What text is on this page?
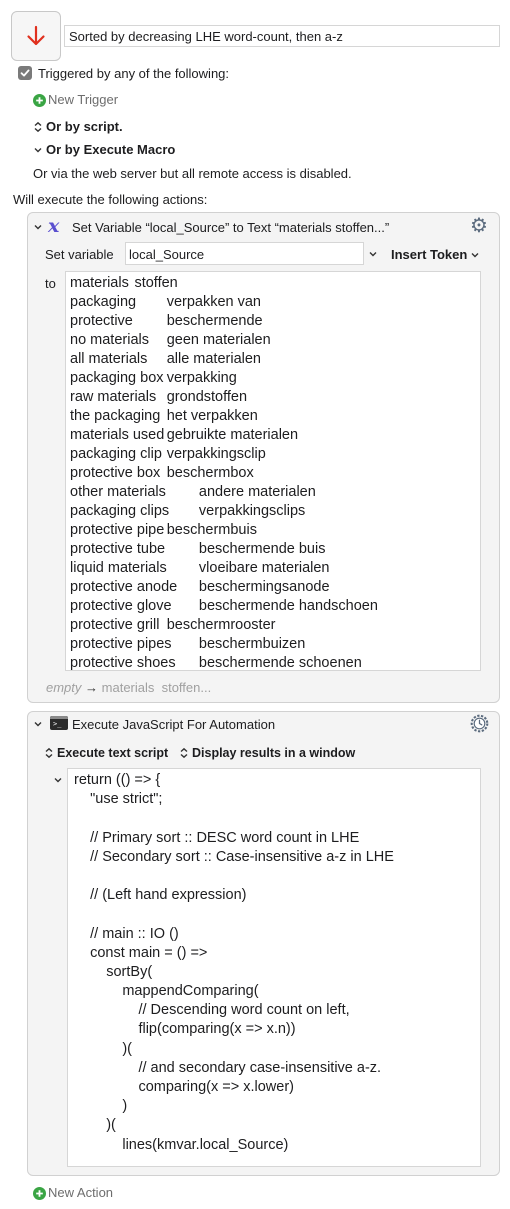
Sorted by decreasing LHE word-count, then a-z
Triggered by any of the following:
New Trigger
Or by script.
Or by Execute Macro
Or via the web server but all remote access is disabled.
Will execute the following actions:
x Set Variable “local_Source” to Text “materials stoffen...”	⚙
Set variable	local_Source	Insert Token
to materials	stoffen
packaging	verpakken van
protective	beschermende
no materials	geen materialen
all materials	alle materialen
packaging box	verpakking
raw materials	grondstoffen
the packaging	het verpakken
materials used	gebruikte materialen
packaging clip	verpakkingsclip
protective box	beschermbox
other materials	andere materialen
packaging clips	verpakkingsclips
protective pipe	beschermbuis
protective tube	beschermende buis
liquid materials	vloeibare materialen
protective anode	beschermingsanode
protective glove	beschermende handschoen
protective grill	beschermrooster
protective pipes	beschermbuizen
protective shoes	beschermende schoenen
empty → materials	stoffen...
>_ Execute JavaScript For Automation
Execute text script Display results in a window
return (() => {
"use strict";
// Primary sort :: DESC word count in LHE
// Secondary sort :: Case-insensitive a-z in LHE
// (Left hand expression)
// main :: IO ()
const main = () =>
sortBy(
mappendComparing(
// Descending word count on left,
flip(comparing(x => x.n))
)(
// and secondary case-insensitive a-z.
comparing(x => x.lower)
)
)(
lines(kmvar.local_Source)
New Action
